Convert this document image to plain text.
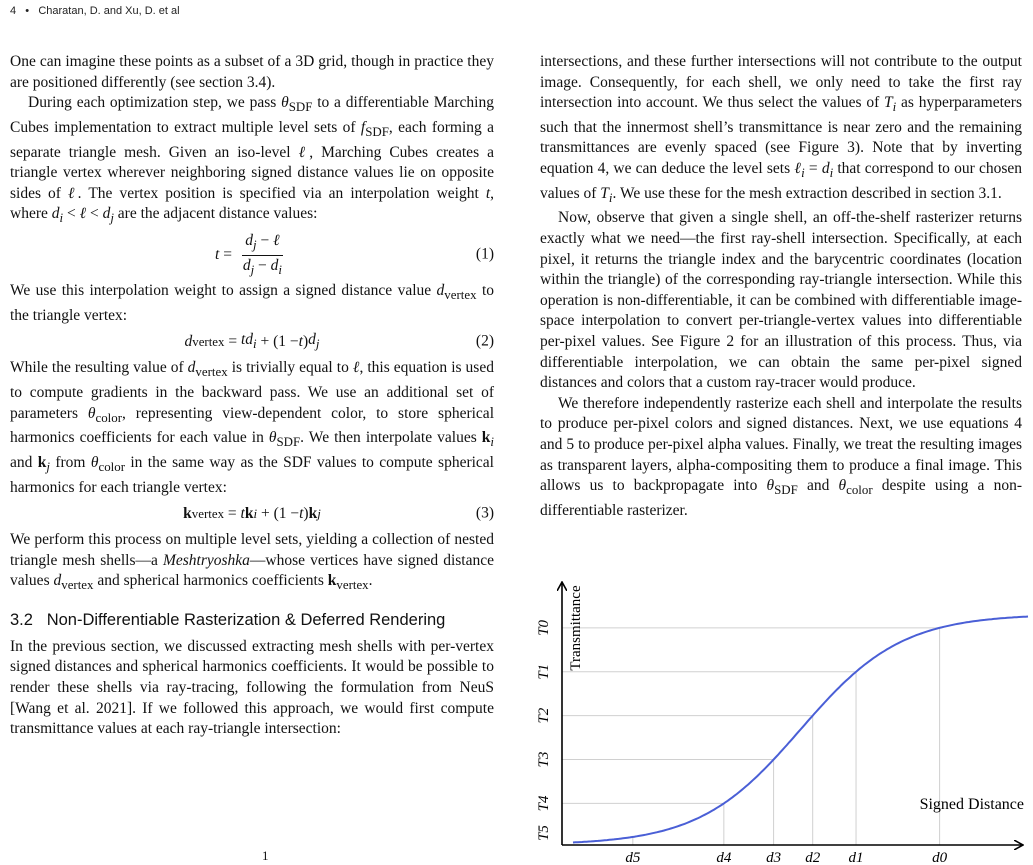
4 • Charatan, D. and Xu, D. et al

One can imagine these points as a subset of a 3D grid, though in practice they are positioned differently (see section 3.4).

During each optimization step, we pass $\theta_{SDF}$ to a differentiable Marching Cubes implementation to extract multiple level sets of $f_{SDF}$, each forming a separate triangle mesh. Given an iso-level ℓ, Marching Cubes creates a triangle vertex wherever neighboring signed distance values lie on opposite sides of ℓ. The vertex position is specified via an interpolation weight t, where $d_i$ < ℓ < $d_j$ are the adjacent distance values:

$t = \frac{d_j - \ell}{d_j - d_i}$	(1)

We use this interpolation weight to assign a signed distance value $d_{vertex}$ to the triangle vertex:

d vertex = $td_i + (1 - t$ ) $d_j$	(2)

While the resulting value of $d_{vertex}$ is trivially equal to ℓ, this equation is used to compute gradients in the backward pass. We use an additional set of parameters $\theta_{color}$, representing view-dependent color, to store spherical harmonics coefficients for each value in $\theta_{SDF}$. We then interpolate values $k_i$ and $k_j$ from $\theta_{color}$ in the same way as the SDF values to compute spherical harmonics for each triangle vertex:

k vertex = t k i + (1 − t ) k j	(3)

We perform this process on multiple level sets, yielding a collection of nested triangle mesh shells—a Meshtryoshka—whose vertices have signed distance values $d_{vertex}$ and spherical harmonics coefficients $k_{vertex}$.

3.2 Non-Differentiable Rasterization & Deferred Rendering

In the previous section, we discussed extracting mesh shells with per-vertex signed distances and spherical harmonics coefficients. It would be possible to render these shells via ray-tracing, following the formulation from NeuS [Wang et al. 2021]. If we followed this approach, we would first compute transmittance values at each ray-triangle intersection:

1

intersections, and these further intersections will not contribute to the output image. Consequently, for each shell, we only need to take the first ray intersection into account. We thus select the values of $T_i$ as hyperparameters such that the innermost shell’s transmittance is near zero and the remaining transmittances are evenly spaced (see Figure 3). Note that by inverting equation 4, we can deduce the level sets ℓ$_i$ = $d_i$ that correspond to our chosen values of $T_i$. We use these for the mesh extraction described in section 3.1.

Now, observe that given a single shell, an off-the-shelf rasterizer returns exactly what we need—the first ray-shell intersection. Specifically, at each pixel, it returns the triangle index and the barycentric coordinates (location within the triangle) of the corresponding ray-triangle intersection. While this operation is non-differentiable, it can be combined with differentiable image-space interpolation to convert per-triangle-vertex values into differentiable per-pixel values. See Figure 2 for an illustration of this process. Thus, via differentiable interpolation, we can obtain the same per-pixel signed distances and colors that a custom ray-tracer would produce.

We therefore independently rasterize each shell and interpolate the results to produce per-pixel colors and signed distances. Next, we use equations 4 and 5 to produce per-pixel alpha values. Finally, we treat the resulting images as transparent layers, alpha-compositing them to produce a final image. This allows us to backpropagate into $\theta_{SDF}$ and $\theta_{color}$ despite using a non-differentiable rasterizer.

Signed Distance
Transmittance
T0
d0
T1
d1
T2
d2
T3
d3
T4
d4
T5
d5
